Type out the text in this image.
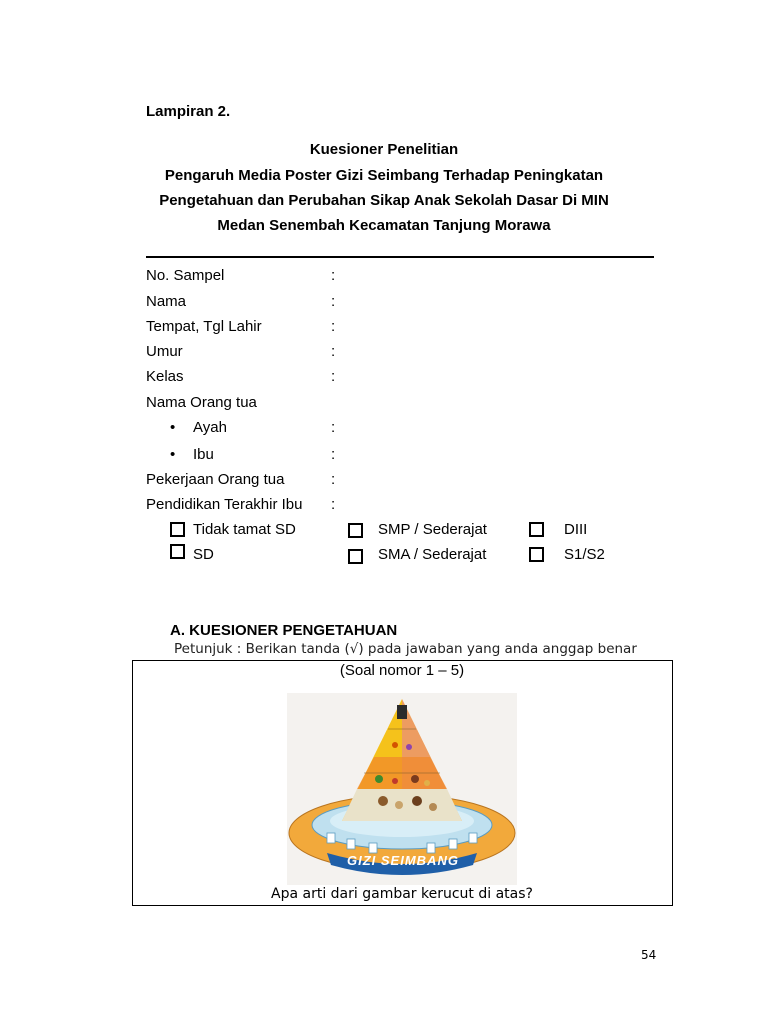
Lampiran 2.
Kuesioner Penelitian
Pengaruh Media Poster Gizi Seimbang Terhadap Peningkatan
Pengetahuan dan Perubahan Sikap Anak Sekolah Dasar Di MIN
Medan Senembah Kecamatan Tanjung Morawa
No. Sampel	:
Nama	:
Tempat, Tgl Lahir	:
Umur	:
Kelas	:
Nama Orang tua
• Ayah	:
• Ibu	:
Pekerjaan Orang tua	:
Pendidikan Terakhir Ibu :
Tidak tamat SD	SMP / Sederajat	DIII
SD	SMA / Sederajat	S1/S2
A. KUESIONER PENGETAHUAN
Petunjuk : Berikan tanda (√) pada jawaban yang anda anggap benar
(Soal nomor 1 – 5)
GIZI SEIMBANG
Apa arti dari gambar kerucut di atas?
54
